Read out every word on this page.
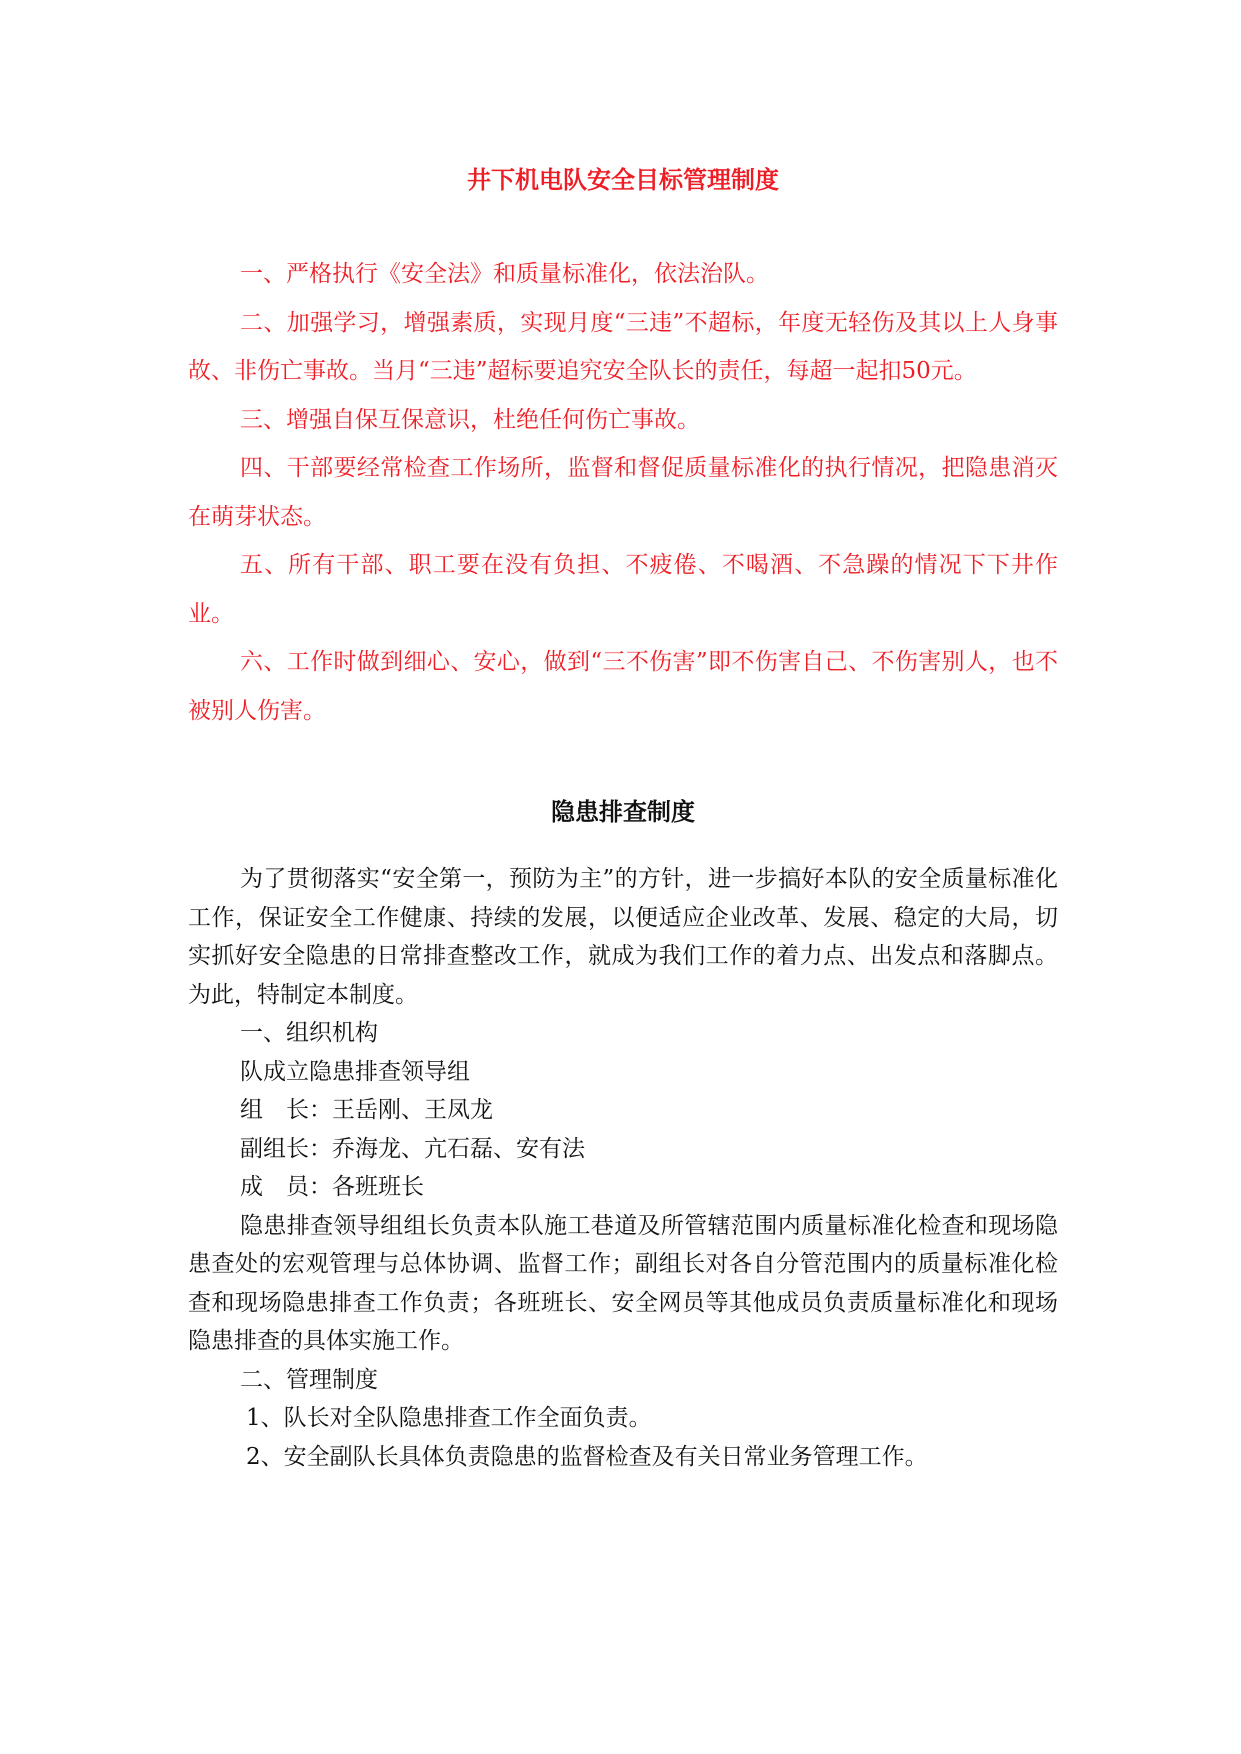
井下机电队安全目标管理制度

一、严格执行《安全法》和质量标准化，依法治队。

二、加强学习，增强素质，实现月度“三违”不超标，年度无轻伤及其以上人身事故、非伤亡事故。当月“三违”超标要追究安全队长的责任，每超一起扣50元。

三、增强自保互保意识，杜绝任何伤亡事故。

四、干部要经常检查工作场所，监督和督促质量标准化的执行情况，把隐患消灭在萌芽状态。

五、所有干部、职工要在没有负担、不疲倦、不喝酒、不急躁的情况下下井作业。

六、工作时做到细心、安心，做到“三不伤害”即不伤害自己、不伤害别人，也不被别人伤害。

隐患排查制度

为了贯彻落实“安全第一，预防为主”的方针，进一步搞好本队的安全质量标准化工作，保证安全工作健康、持续的发展，以便适应企业改革、发展、稳定的大局，切实抓好安全隐患的日常排查整改工作，就成为我们工作的着力点、出发点和落脚点。为此，特制定本制度。

一、组织机构

队成立隐患排查领导组

组　长：王岳刚、王凤龙

副组长：乔海龙、亢石磊、安有法

成　员：各班班长

隐患排查领导组组长负责本队施工巷道及所管辖范围内质量标准化检查和现场隐患查处的宏观管理与总体协调、监督工作；副组长对各自分管范围内的质量标准化检查和现场隐患排查工作负责；各班班长、安全网员等其他成员负责质量标准化和现场隐患排查的具体实施工作。

二、管理制度

1、队长对全队隐患排查工作全面负责。

2、安全副队长具体负责隐患的监督检查及有关日常业务管理工作。
